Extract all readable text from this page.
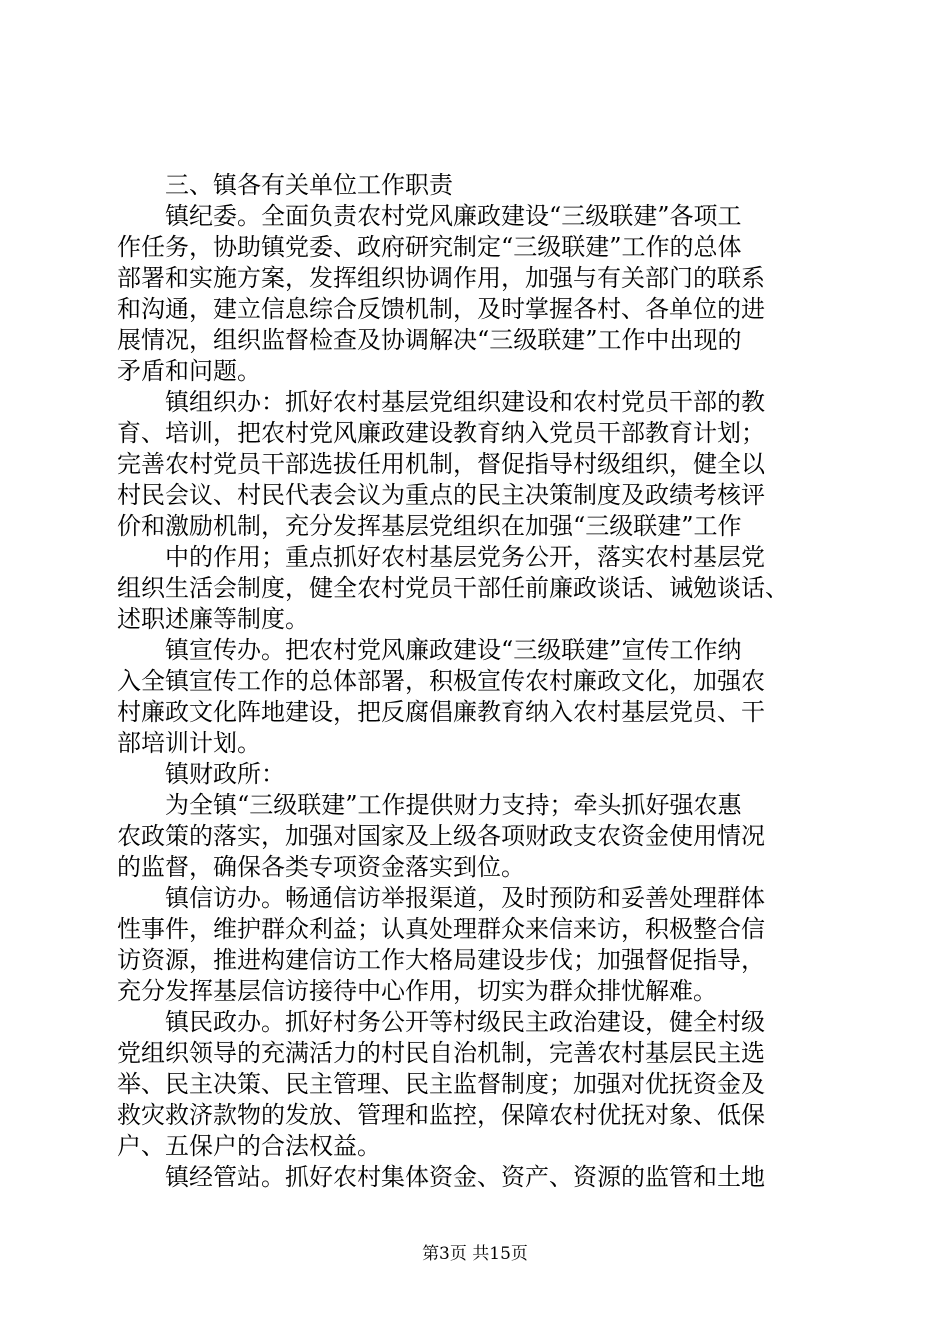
三、镇各有关单位工作职责

镇纪委。全面负责农村党风廉政建设“三级联建”各项工
作任务，协助镇党委、政府研究制定“三级联建”工作的总体
部署和实施方案，发挥组织协调作用，加强与有关部门的联系
和沟通，建立信息综合反馈机制，及时掌握各村、各单位的进
展情况，组织监督检查及协调解决“三级联建”工作中出现的
矛盾和问题。
镇组织办：抓好农村基层党组织建设和农村党员干部的教
育、培训，把农村党风廉政建设教育纳入党员干部教育计划；
完善农村党员干部选拔任用机制，督促指导村级组织，健全以
村民会议、村民代表会议为重点的民主决策制度及政绩考核评
价和激励机制，充分发挥基层党组织在加强“三级联建”工作
中的作用；重点抓好农村基层党务公开，落实农村基层党
组织生活会制度，健全农村党员干部任前廉政谈话、诫勉谈话、
述职述廉等制度。
镇宣传办。把农村党风廉政建设“三级联建”宣传工作纳
入全镇宣传工作的总体部署，积极宣传农村廉政文化，加强农
村廉政文化阵地建设，把反腐倡廉教育纳入农村基层党员、干
部培训计划。
镇财政所：
为全镇“三级联建”工作提供财力支持；牵头抓好强农惠
农政策的落实，加强对国家及上级各项财政支农资金使用情况
的监督，确保各类专项资金落实到位。
镇信访办。畅通信访举报渠道，及时预防和妥善处理群体
性事件，维护群众利益；认真处理群众来信来访，积极整合信
访资源，推进构建信访工作大格局建设步伐；加强督促指导，
充分发挥基层信访接待中心作用，切实为群众排忧解难。
镇民政办。抓好村务公开等村级民主政治建设，健全村级
党组织领导的充满活力的村民自治机制，完善农村基层民主选
举、民主决策、民主管理、民主监督制度；加强对优抚资金及
救灾救济款物的发放、管理和监控，保障农村优抚对象、低保
户、五保户的合法权益。
镇经管站。抓好农村集体资金、资产、资源的监管和土地
第3页 共15页
